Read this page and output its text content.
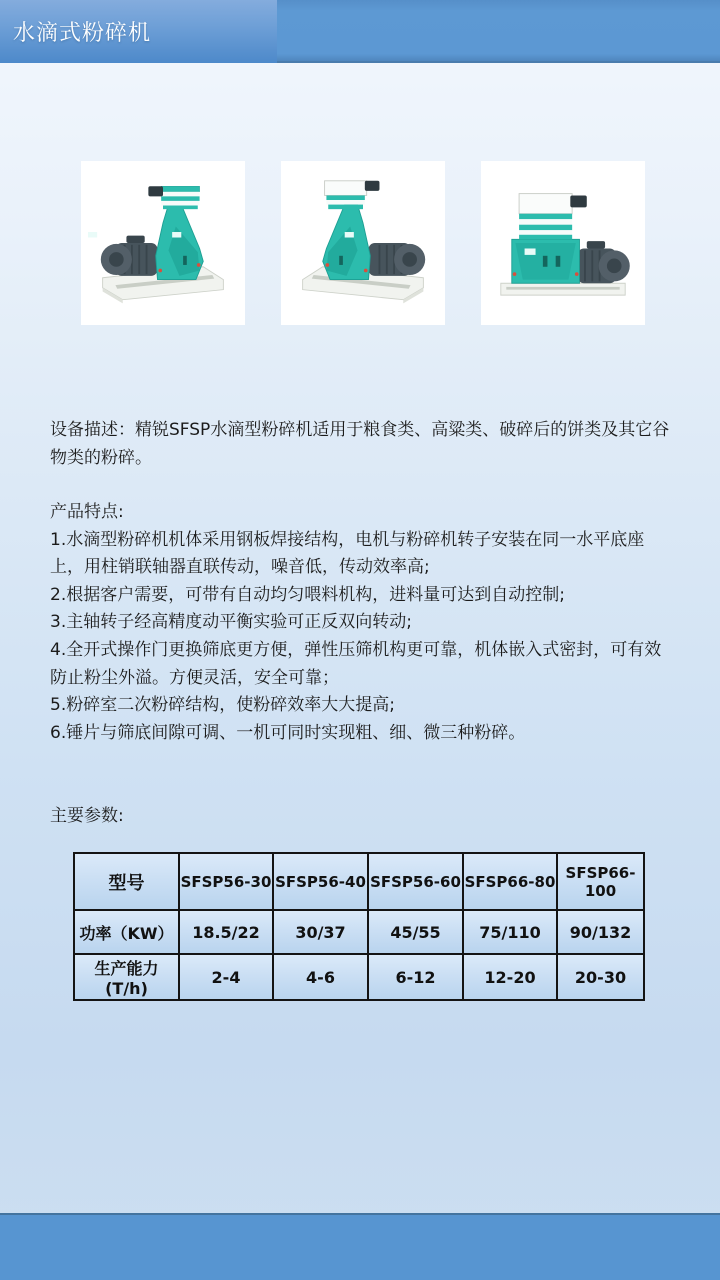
水滴式粉碎机

设备描述：精锐SFSP水滴型粉碎机适用于粮食类、高粱类、破碎后的饼类及其它谷物类的粉碎。

产品特点:

1.水滴型粉碎机机体采用钢板焊接结构，电机与粉碎机转子安装在同一水平底座上，用柱销联轴器直联传动，噪音低，传动效率高;

2.根据客户需要，可带有自动均匀喂料机构，进料量可达到自动控制;

3.主轴转子经高精度动平衡实验可正反双向转动;

4.全开式操作门更换筛底更方便，弹性压筛机构更可靠，机体嵌入式密封，可有效防止粉尘外溢。方便灵活，安全可靠；

5.粉碎室二次粉碎结构，使粉碎效率大大提高;

6.锤片与筛底间隙可调、一机可同时实现粗、细、微三种粉碎。

主要参数:

型号	SFSP56-30	SFSP56-40	SFSP56-60	SFSP66-80	SFSP66-100
功率（KW）	18.5/22	30/37	45/55	75/110	90/132
生产能力(T/h)	2-4	4-6	6-12	12-20	20-30
